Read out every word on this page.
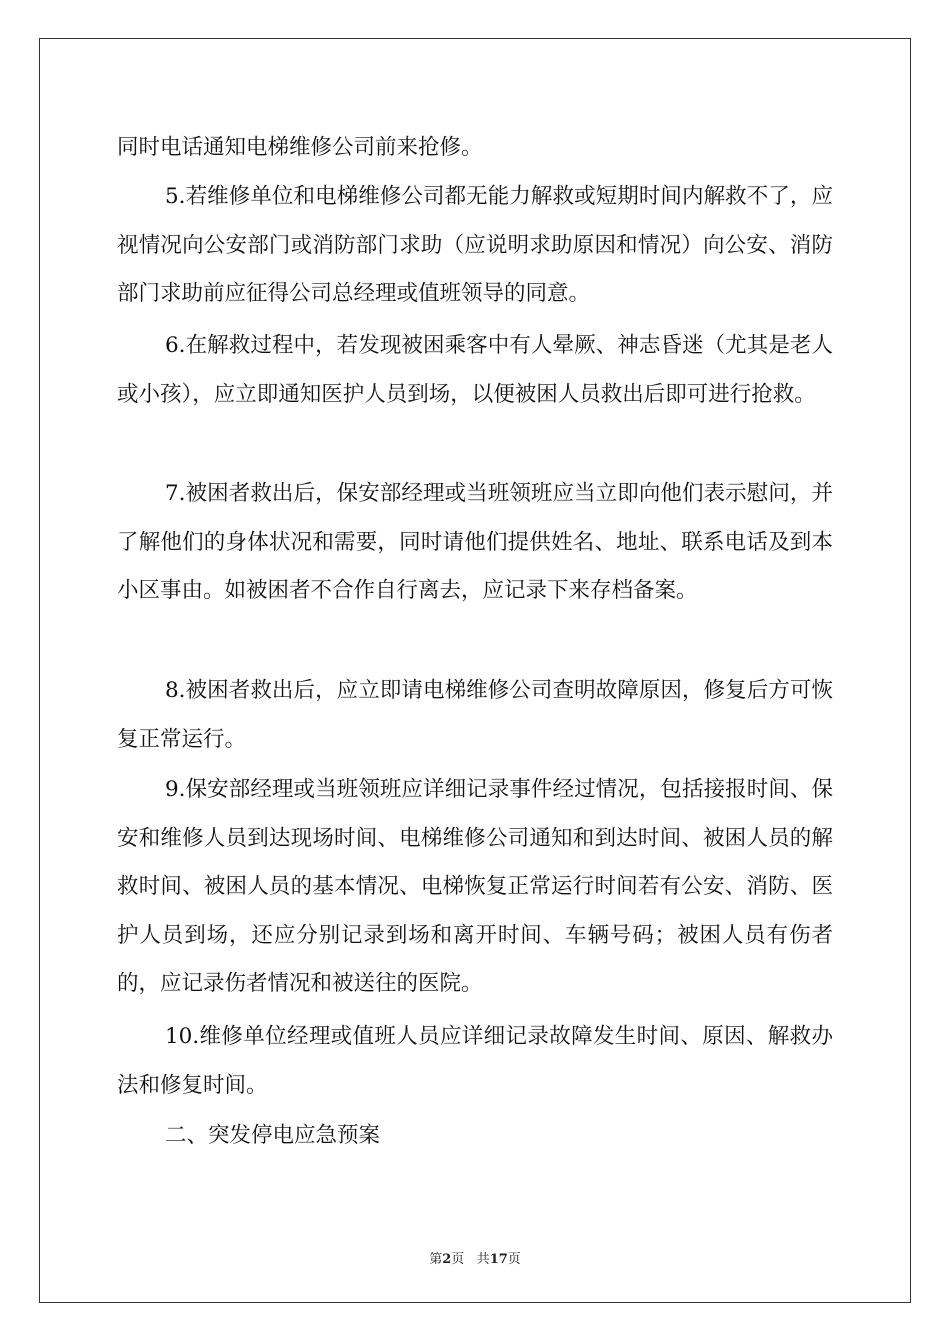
同时电话通知电梯维修公司前来抢修。

5.若维修单位和电梯维修公司都无能力解救或短期时间内解救不了，应视情况向公安部门或消防部门求助（应说明求助原因和情况）向公安、消防部门求助前应征得公司总经理或值班领导的同意。

6.在解救过程中，若发现被困乘客中有人晕厥、神志昏迷（尤其是老人或小孩），应立即通知医护人员到场，以便被困人员救出后即可进行抢救。

7.被困者救出后，保安部经理或当班领班应当立即向他们表示慰问，并了解他们的身体状况和需要，同时请他们提供姓名、地址、联系电话及到本小区事由。如被困者不合作自行离去，应记录下来存档备案。

8.被困者救出后，应立即请电梯维修公司查明故障原因，修复后方可恢复正常运行。

9.保安部经理或当班领班应详细记录事件经过情况，包括接报时间、保安和维修人员到达现场时间、电梯维修公司通知和到达时间、被困人员的解救时间、被困人员的基本情况、电梯恢复正常运行时间若有公安、消防、医护人员到场，还应分别记录到场和离开时间、车辆号码；被困人员有伤者的，应记录伤者情况和被送往的医院。

10.维修单位经理或值班人员应详细记录故障发生时间、原因、解救办法和修复时间。

二、突发停电应急预案

第2页 共17页
